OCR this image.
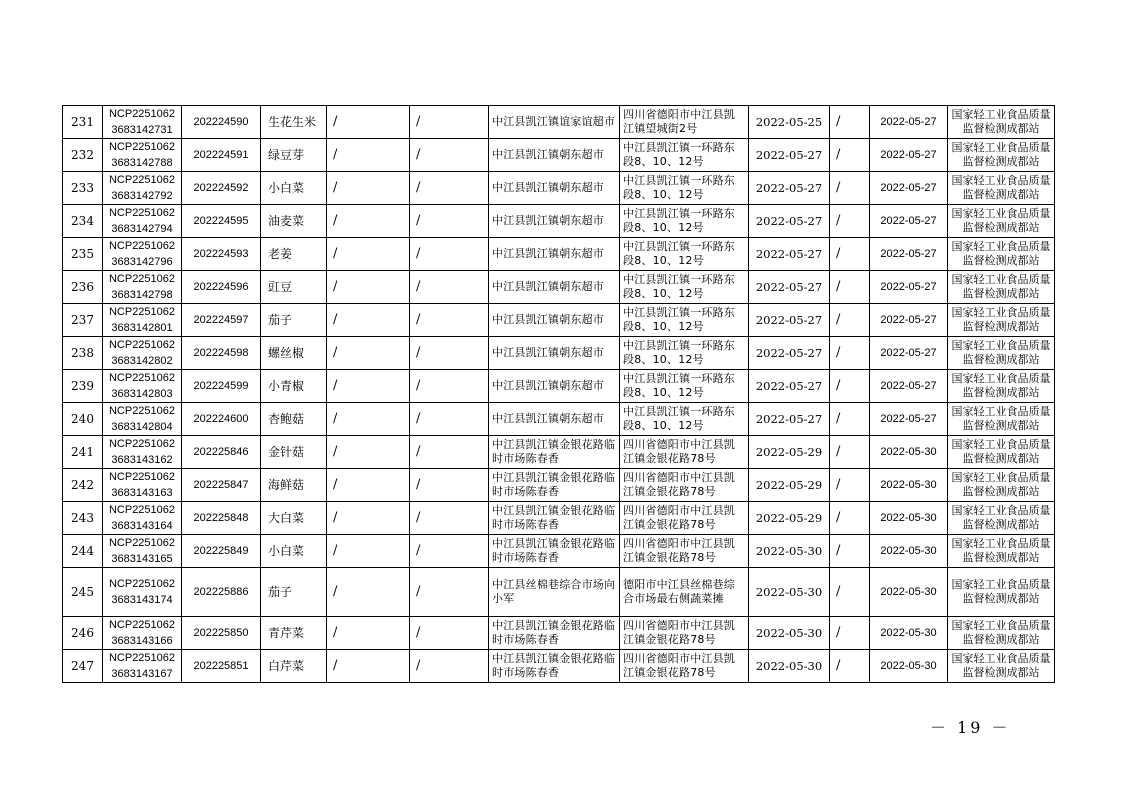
231	NCP2251062
3683142731	202224590	生花生米	/	/	中江县凯江镇谊家谊超市	四川省德阳市中江县凯江镇望城街2号	2022-05-25	/	2022-05-27	国家轻工业食品质量监督检测成都站
232	NCP2251062
3683142788	202224591	绿豆芽	/	/	中江县凯江镇朝东超市	中江县凯江镇一环路东段8、10、12号	2022-05-27	/	2022-05-27	国家轻工业食品质量监督检测成都站
233	NCP2251062
3683142792	202224592	小白菜	/	/	中江县凯江镇朝东超市	中江县凯江镇一环路东段8、10、12号	2022-05-27	/	2022-05-27	国家轻工业食品质量监督检测成都站
234	NCP2251062
3683142794	202224595	油麦菜	/	/	中江县凯江镇朝东超市	中江县凯江镇一环路东段8、10、12号	2022-05-27	/	2022-05-27	国家轻工业食品质量监督检测成都站
235	NCP2251062
3683142796	202224593	老姜	/	/	中江县凯江镇朝东超市	中江县凯江镇一环路东段8、10、12号	2022-05-27	/	2022-05-27	国家轻工业食品质量监督检测成都站
236	NCP2251062
3683142798	202224596	豇豆	/	/	中江县凯江镇朝东超市	中江县凯江镇一环路东段8、10、12号	2022-05-27	/	2022-05-27	国家轻工业食品质量监督检测成都站
237	NCP2251062
3683142801	202224597	茄子	/	/	中江县凯江镇朝东超市	中江县凯江镇一环路东段8、10、12号	2022-05-27	/	2022-05-27	国家轻工业食品质量监督检测成都站
238	NCP2251062
3683142802	202224598	螺丝椒	/	/	中江县凯江镇朝东超市	中江县凯江镇一环路东段8、10、12号	2022-05-27	/	2022-05-27	国家轻工业食品质量监督检测成都站
239	NCP2251062
3683142803	202224599	小青椒	/	/	中江县凯江镇朝东超市	中江县凯江镇一环路东段8、10、12号	2022-05-27	/	2022-05-27	国家轻工业食品质量监督检测成都站
240	NCP2251062
3683142804	202224600	杏鲍菇	/	/	中江县凯江镇朝东超市	中江县凯江镇一环路东段8、10、12号	2022-05-27	/	2022-05-27	国家轻工业食品质量监督检测成都站
241	NCP2251062
3683143162	202225846	金针菇	/	/	中江县凯江镇金银花路临时市场陈春香	四川省德阳市中江县凯江镇金银花路78号	2022-05-29	/	2022-05-30	国家轻工业食品质量监督检测成都站
242	NCP2251062
3683143163	202225847	海鲜菇	/	/	中江县凯江镇金银花路临时市场陈春香	四川省德阳市中江县凯江镇金银花路78号	2022-05-29	/	2022-05-30	国家轻工业食品质量监督检测成都站
243	NCP2251062
3683143164	202225848	大白菜	/	/	中江县凯江镇金银花路临时市场陈春香	四川省德阳市中江县凯江镇金银花路78号	2022-05-29	/	2022-05-30	国家轻工业食品质量监督检测成都站
244	NCP2251062
3683143165	202225849	小白菜	/	/	中江县凯江镇金银花路临时市场陈春香	四川省德阳市中江县凯江镇金银花路78号	2022-05-30	/	2022-05-30	国家轻工业食品质量监督检测成都站
245	NCP2251062
3683143174	202225886	茄子	/	/	中江县丝棉巷综合市场向小军	德阳市中江县丝棉巷综合市场最右侧蔬菜摊	2022-05-30	/	2022-05-30	国家轻工业食品质量监督检测成都站
246	NCP2251062
3683143166	202225850	青芹菜	/	/	中江县凯江镇金银花路临时市场陈春香	四川省德阳市中江县凯江镇金银花路78号	2022-05-30	/	2022-05-30	国家轻工业食品质量监督检测成都站
247	NCP2251062
3683143167	202225851	白芹菜	/	/	中江县凯江镇金银花路临时市场陈春香	四川省德阳市中江县凯江镇金银花路78号	2022-05-30	/	2022-05-30	国家轻工业食品质量监督检测成都站
－ 19 －
